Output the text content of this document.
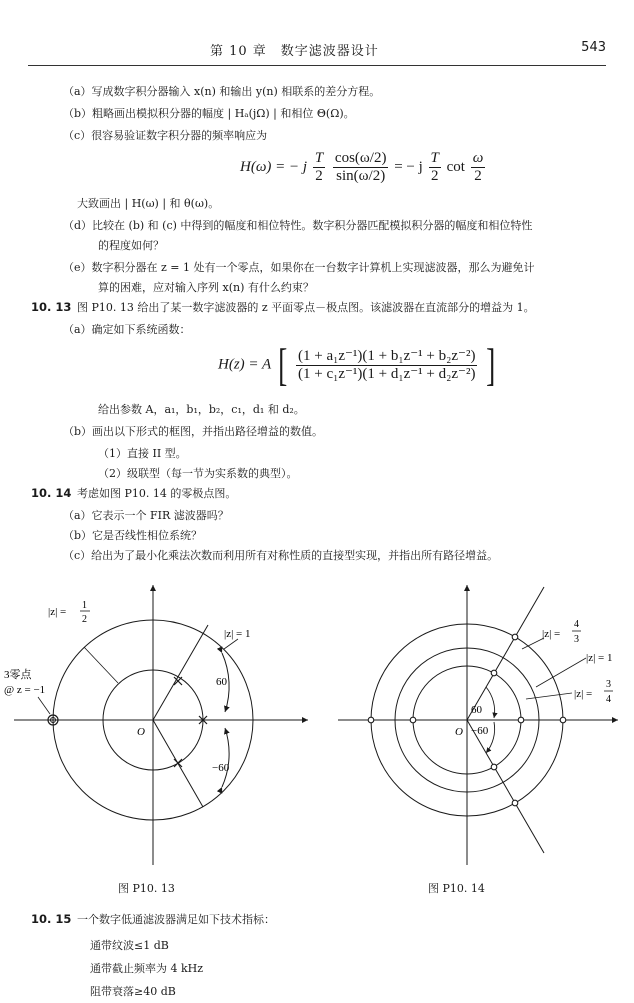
第 10 章　数字滤波器设计	543
（a）写成数字积分器输入 x(n) 和输出 y(n) 相联系的差分方程。
（b）粗略画出模拟积分器的幅度 | Hₐ(jΩ) | 和相位 Θ(Ω)。
（c）很容易验证数字积分器的频率响应为
H(ω) = − j $\frac{T}{2}$
$\frac{\cos(\omega/2)}{\sin(\omega/2)}$ = − j $\frac{T}{2}$ $\cot \frac{\omega}{2}$
大致画出 | H(ω) | 和 θ(ω)。
（d）比较在 (b) 和 (c) 中得到的幅度和相位特性。数字积分器匹配模拟积分器的幅度和相位特性
的程度如何？
（e）数字积分器在 z = 1 处有一个零点，如果你在一台数字计算机上实现滤波器，那么为避免计
算的困难，应对输入序列 x(n) 有什么约束？
10. 13 图 P10. 13 给出了某一数字滤波器的 z 平面零点－极点图。该滤波器在直流部分的增益为 1。
（a）确定如下系统函数：
H(z) = A [ $\frac{\text{(1 + a₁z⁻¹)(1 + b₁z⁻¹ + b₂z⁻²)}}{\text{(1 + c₁z⁻¹)(1 + d₁z⁻¹ + d₂z⁻²)}}$ ]
给出参数 A，a₁，b₁，b₂，c₁，d₁ 和 d₂。
（b）画出以下形式的框图，并指出路径增益的数值。
（1）直接 II 型。
（2）级联型（每一节为实系数的典型）。
10. 14 考虑如图 P10. 14 的零极点图。
（a）它表示一个 FIR 滤波器吗？
（b）它是否线性相位系统？
（c）给出为了最小化乘法次数而利用所有对称性质的直接型实现，并指出所有路径增益。
|z| =
1
2
|z| = 1
3零点
@ z = −1
60
−60
O
图 P10. 13
|z| =
4
3
|z| = 1
|z| =
3
4
60
−60
O
图 P10. 14
10. 15 一个数字低通滤波器满足如下技术指标：
通带纹波≤1 dB
通带截止频率为 4 kHz
阻带衰落≥40 dB
